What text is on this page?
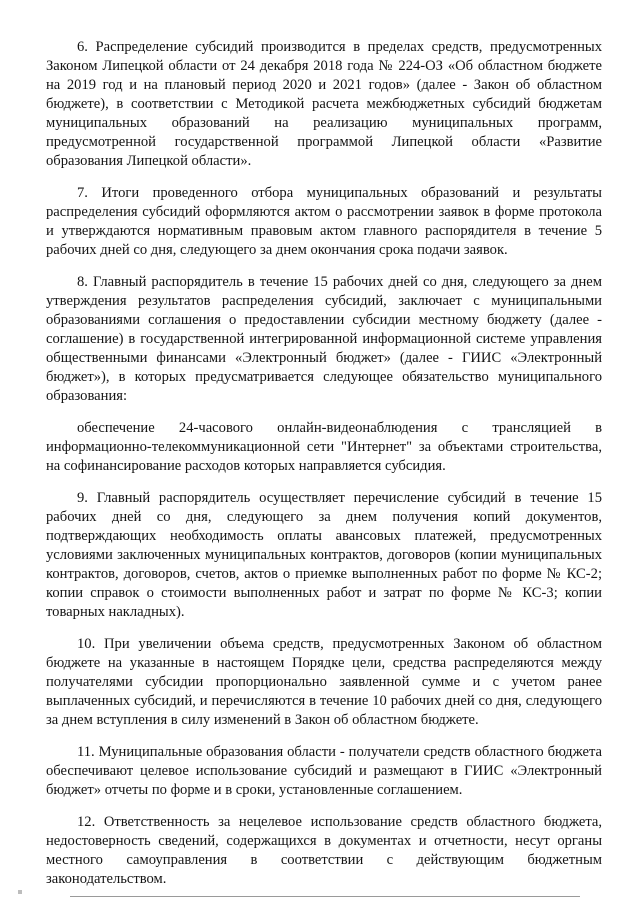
6. Распределение субсидий производится в пределах средств, предусмотренных Законом Липецкой области от 24 декабря 2018 года № 224-ОЗ «Об областном бюджете на 2019 год и на плановый период 2020 и 2021 годов» (далее - Закон об областном бюджете), в соответствии с Методикой расчета межбюджетных субсидий бюджетам муниципальных образований на реализацию муниципальных программ, предусмотренной государственной программой Липецкой области «Развитие образования Липецкой области».

7. Итоги проведенного отбора муниципальных образований и результаты распределения субсидий оформляются актом о рассмотрении заявок в форме протокола и утверждаются нормативным правовым актом главного распорядителя в течение 5 рабочих дней со дня, следующего за днем окончания срока подачи заявок.

8. Главный распорядитель в течение 15 рабочих дней со дня, следующего за днем утверждения результатов распределения субсидий, заключает с муниципальными образованиями соглашения о предоставлении субсидии местному бюджету (далее - соглашение) в государственной интегрированной информационной системе управления общественными финансами «Электронный бюджет» (далее - ГИИС «Электронный бюджет»), в которых предусматривается следующее обязательство муниципального образования:

обеспечение 24-часового онлайн-видеонаблюдения с трансляцией в информационно-телекоммуникационной сети "Интернет" за объектами строительства, на софинансирование расходов которых направляется субсидия.

9. Главный распорядитель осуществляет перечисление субсидий в течение 15 рабочих дней со дня, следующего за днем получения копий документов, подтверждающих необходимость оплаты авансовых платежей, предусмотренных условиями заключенных муниципальных контрактов, договоров (копии муниципальных контрактов, договоров, счетов, актов о приемке выполненных работ по форме № КС-2; копии справок о стоимости выполненных работ и затрат по форме № КС-3; копии товарных накладных).

10. При увеличении объема средств, предусмотренных Законом об областном бюджете на указанные в настоящем Порядке цели, средства распределяются между получателями субсидии пропорционально заявленной сумме и с учетом ранее выплаченных субсидий, и перечисляются в течение 10 рабочих дней со дня, следующего за днем вступления в силу изменений в Закон об областном бюджете.

11. Муниципальные образования области - получатели средств областного бюджета обеспечивают целевое использование субсидий и размещают в ГИИС «Электронный бюджет» отчеты по форме и в сроки, установленные соглашением.

12. Ответственность за нецелевое использование средств областного бюджета, недостоверность сведений, содержащихся в документах и отчетности, несут органы местного самоуправления в соответствии с действующим бюджетным законодательством.
